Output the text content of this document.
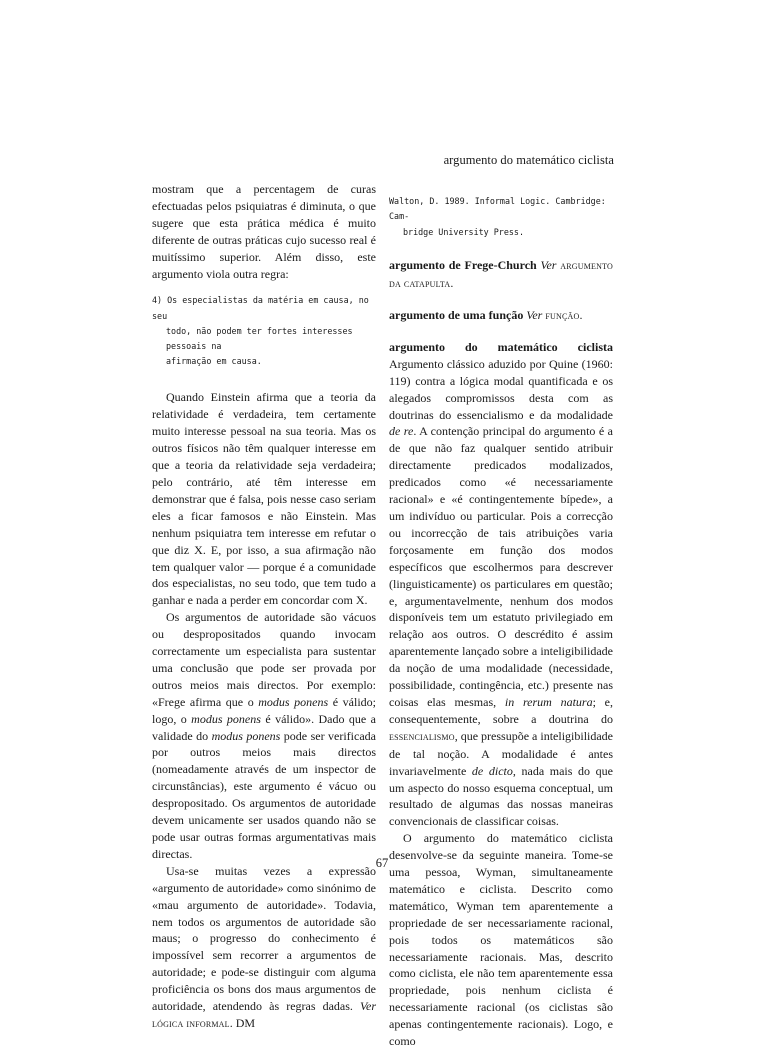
argumento do matemático ciclista

mostram que a percentagem de curas efectuadas pelos psiquiatras é diminuta, o que sugere que esta prática médica é muito diferente de outras práticas cujo sucesso real é muitíssimo superior. Além disso, este argumento viola outra regra:

4) Os especialistas da matéria em causa, no seu
todo, não podem ter fortes interesses pessoais na
afirmação em causa.

Quando Einstein afirma que a teoria da relatividade é verdadeira, tem certamente muito interesse pessoal na sua teoria. Mas os outros físicos não têm qualquer interesse em que a teoria da relatividade seja verdadeira; pelo contrário, até têm interesse em demonstrar que é falsa, pois nesse caso seriam eles a ficar famosos e não Einstein. Mas nenhum psiquiatra tem interesse em refutar o que diz X. E, por isso, a sua afirmação não tem qualquer valor — porque é a comunidade dos especialistas, no seu todo, que tem tudo a ganhar e nada a perder em concordar com X.

Os argumentos de autoridade são vácuos ou despropositados quando invocam correctamente um especialista para sustentar uma conclusão que pode ser provada por outros meios mais directos. Por exemplo: «Frege afirma que o modus ponens é válido; logo, o modus ponens é válido». Dado que a validade do modus ponens pode ser verificada por outros meios mais directos (nomeadamente através de um inspector de circunstâncias), este argumento é vácuo ou despropositado. Os argumentos de autoridade devem unicamente ser usados quando não se pode usar outras formas argumentativas mais directas.

Usa-se muitas vezes a expressão «argumento de autoridade» como sinónimo de «mau argumento de autoridade». Todavia, nem todos os argumentos de autoridade são maus; o progresso do conhecimento é impossível sem recorrer a argumentos de autoridade; e pode-se distinguir com alguma proficiência os bons dos maus argumentos de autoridade, atendendo às regras dadas. Ver lógica informal. DM

Walton, D. 1989. Informal Logic. Cambridge: Cam-
bridge University Press.

argumento de Frege-Church Ver argumento da catapulta.

argumento de uma função Ver função.

argumento do matemático ciclista Argumento clássico aduzido por Quine (1960: 119) contra a lógica modal quantificada e os alegados compromissos desta com as doutrinas do essencialismo e da modalidade de re. A contenção principal do argumento é a de que não faz qualquer sentido atribuir directamente predicados modalizados, predicados como «é necessariamente racional» e «é contingentemente bípede», a um indivíduo ou particular. Pois a correcção ou incorrecção de tais atribuições varia forçosamente em função dos modos específicos que escolhermos para descrever (linguisticamente) os particulares em questão; e, argumentavelmente, nenhum dos modos disponíveis tem um estatuto privilegiado em relação aos outros. O descrédito é assim aparentemente lançado sobre a inteligibilidade da noção de uma modalidade (necessidade, possibilidade, contingência, etc.) presente nas coisas elas mesmas, in rerum natura; e, consequentemente, sobre a doutrina do essencialismo, que pressupõe a inteligibilidade de tal noção. A modalidade é antes invariavelmente de dicto, nada mais do que um aspecto do nosso esquema conceptual, um resultado de algumas das nossas maneiras convencionais de classificar coisas.

O argumento do matemático ciclista desenvolve-se da seguinte maneira. Tome-se uma pessoa, Wyman, simultaneamente matemático e ciclista. Descrito como matemático, Wyman tem aparentemente a propriedade de ser necessariamente racional, pois todos os matemáticos são necessariamente racionais. Mas, descrito como ciclista, ele não tem aparentemente essa propriedade, pois nenhum ciclista é necessariamente racional (os ciclistas são apenas contingentemente racionais). Logo, e como

67
